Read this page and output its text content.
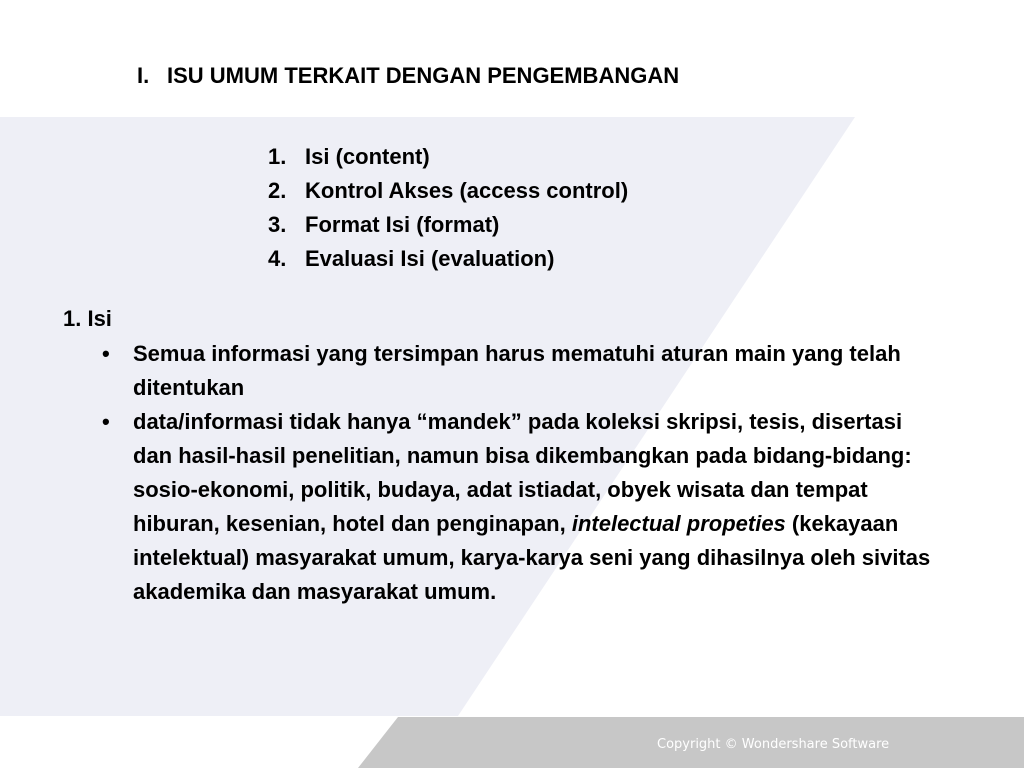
I. ISU UMUM TERKAIT DENGAN PENGEMBANGAN
1. Isi (content)
2. Kontrol Akses (access control)
3. Format Isi (format)
4. Evaluasi Isi (evaluation)
1. Isi
• Semua informasi yang tersimpan harus mematuhi aturan main yang telah ditentukan
• data/informasi tidak hanya “mandek” pada koleksi skripsi, tesis, disertasi dan hasil-hasil penelitian, namun bisa dikembangkan pada bidang-bidang: sosio-ekonomi, politik, budaya, adat istiadat, obyek wisata dan tempat hiburan, kesenian, hotel dan penginapan, intelectual propeties (kekayaan intelektual) masyarakat umum, karya-karya seni yang dihasilnya oleh sivitas akademika dan masyarakat umum.
Copyright © Wondershare Software
